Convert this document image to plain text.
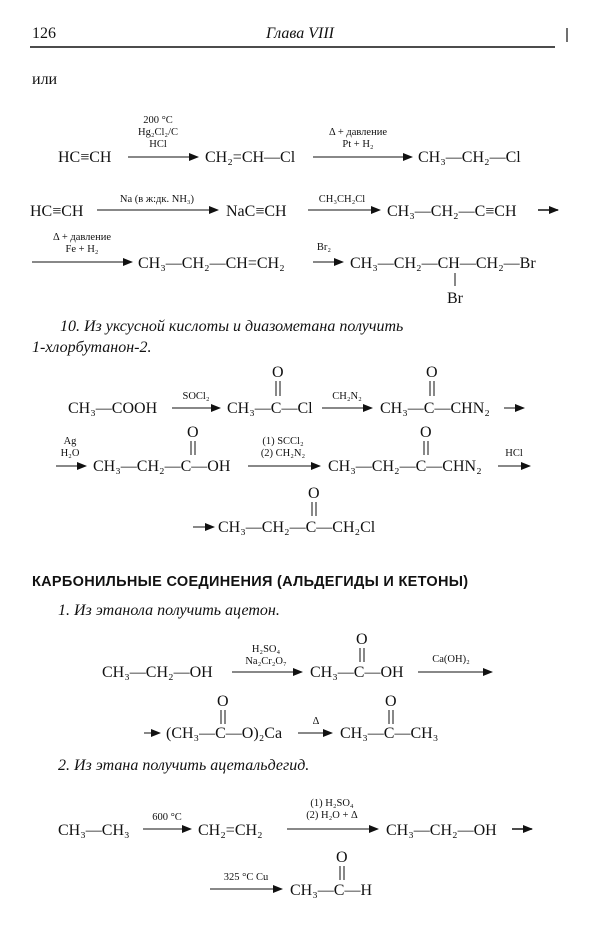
126	Глава VIII
или
HC≡CH
200 °C
Hg₂Cl₂/C
HCl
CH₂=CH—Cl
Δ + давление
Pt + H₂
CH₃—CH₂—Cl
HC≡CH
Na (в ж:дк. NH₃)
NaC≡CH
CH₃CH₂Cl
CH₃—CH₂—C≡CH
Δ + давление
Fe + H₂
CH₃—CH₂—CH=CH₂
Br₂
CH₃—CH₂—CH—CH₂—Br
Br
10. Из уксусной кислоты и диазометана получить
1-хлорбутанон-2.
CH₃—COOH
SOCl₂
CH₃—C—Cl
O
CH₂N₂
CH₃—C—CHN₂
O
Ag
H₂O
CH₃—CH₂—C—OH
O
(1) SCCl₂
(2) CH₂N₂
CH₃—CH₂—C—CHN₂
O
HCl
CH₃—CH₂—C—CH₂Cl
O
КАРБОНИЛЬНЫЕ СОЕДИНЕНИЯ (АЛЬДЕГИДЫ И КЕТОНЫ)
1. Из этанола получить ацетон.
CH₃—CH₂—OH
H₂SO₄
Na₂Cr₂O₇
CH₃—C—OH
O
Ca(OH)₂
(CH₃—C—O)₂Ca
O
Δ
CH₃—C—CH₃
O
2. Из этана получить ацетальдегид.
CH₃—CH₃
600 °C
CH₂=CH₂
(1) H₂SO₄
(2) H₂O + Δ
CH₃—CH₂—OH
325 °C Cu
CH₃—C—H
O
